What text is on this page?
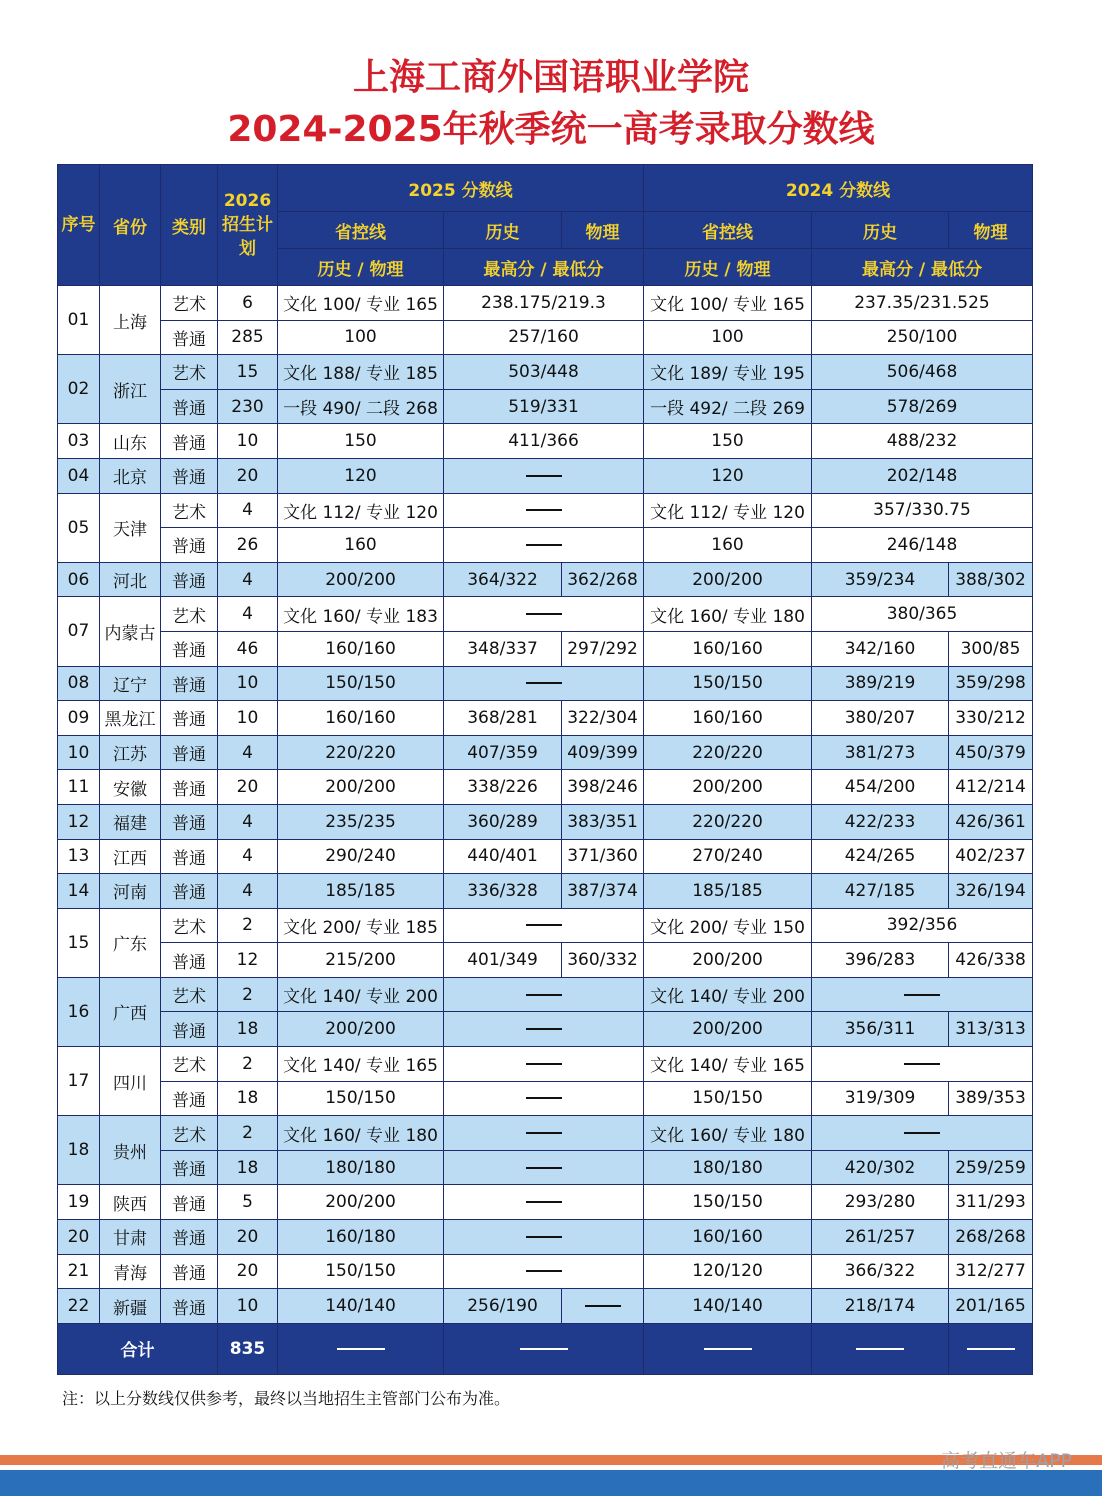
上海工商外国语职业学院
2024-2025年秋季统一高考录取分数线
序号	省份	类别	2026招生计划	2025 分数线			2024 分数线		
				省控线	历史	物理	省控线	历史	物理
				历史 / 物理	最高分 / 最低分		历史 / 物理	最高分 / 最低分	
01	上海	艺术	6	文化 100/ 专业 165	238.175/219.3		文化 100/ 专业 165	237.35/231.525	
		普通	285	100	257/160		100	250/100	
02	浙江	艺术	15	文化 188/ 专业 185	503/448		文化 189/ 专业 195	506/468	
		普通	230	一段 490/ 二段 268	519/331		一段 492/ 二段 269	578/269	
03	山东	普通	10	150	411/366		150	488/232	
04	北京	普通	20	120			120	202/148	
05	天津	艺术	4	文化 112/ 专业 120			文化 112/ 专业 120	357/330.75	
		普通	26	160			160	246/148	
06	河北	普通	4	200/200	364/322	362/268	200/200	359/234	388/302
07	内蒙古	艺术	4	文化 160/ 专业 183			文化 160/ 专业 180	380/365	
		普通	46	160/160	348/337	297/292	160/160	342/160	300/85
08	辽宁	普通	10	150/150			150/150	389/219	359/298
09	黑龙江	普通	10	160/160	368/281	322/304	160/160	380/207	330/212
10	江苏	普通	4	220/220	407/359	409/399	220/220	381/273	450/379
11	安徽	普通	20	200/200	338/226	398/246	200/200	454/200	412/214
12	福建	普通	4	235/235	360/289	383/351	220/220	422/233	426/361
13	江西	普通	4	290/240	440/401	371/360	270/240	424/265	402/237
14	河南	普通	4	185/185	336/328	387/374	185/185	427/185	326/194
15	广东	艺术	2	文化 200/ 专业 185			文化 200/ 专业 150	392/356	
		普通	12	215/200	401/349	360/332	200/200	396/283	426/338
16	广西	艺术	2	文化 140/ 专业 200			文化 140/ 专业 200		
		普通	18	200/200			200/200	356/311	313/313
17	四川	艺术	2	文化 140/ 专业 165			文化 140/ 专业 165		
		普通	18	150/150			150/150	319/309	389/353
18	贵州	艺术	2	文化 160/ 专业 180			文化 160/ 专业 180		
		普通	18	180/180			180/180	420/302	259/259
19	陕西	普通	5	200/200			150/150	293/280	311/293
20	甘肃	普通	20	160/180			160/160	261/257	268/268
21	青海	普通	20	150/150			120/120	366/322	312/277
22	新疆	普通	10	140/140	256/190		140/140	218/174	201/165
合计			835						
注：以上分数线仅供参考，最终以当地招生主管部门公布为准。
高考直通车APP
